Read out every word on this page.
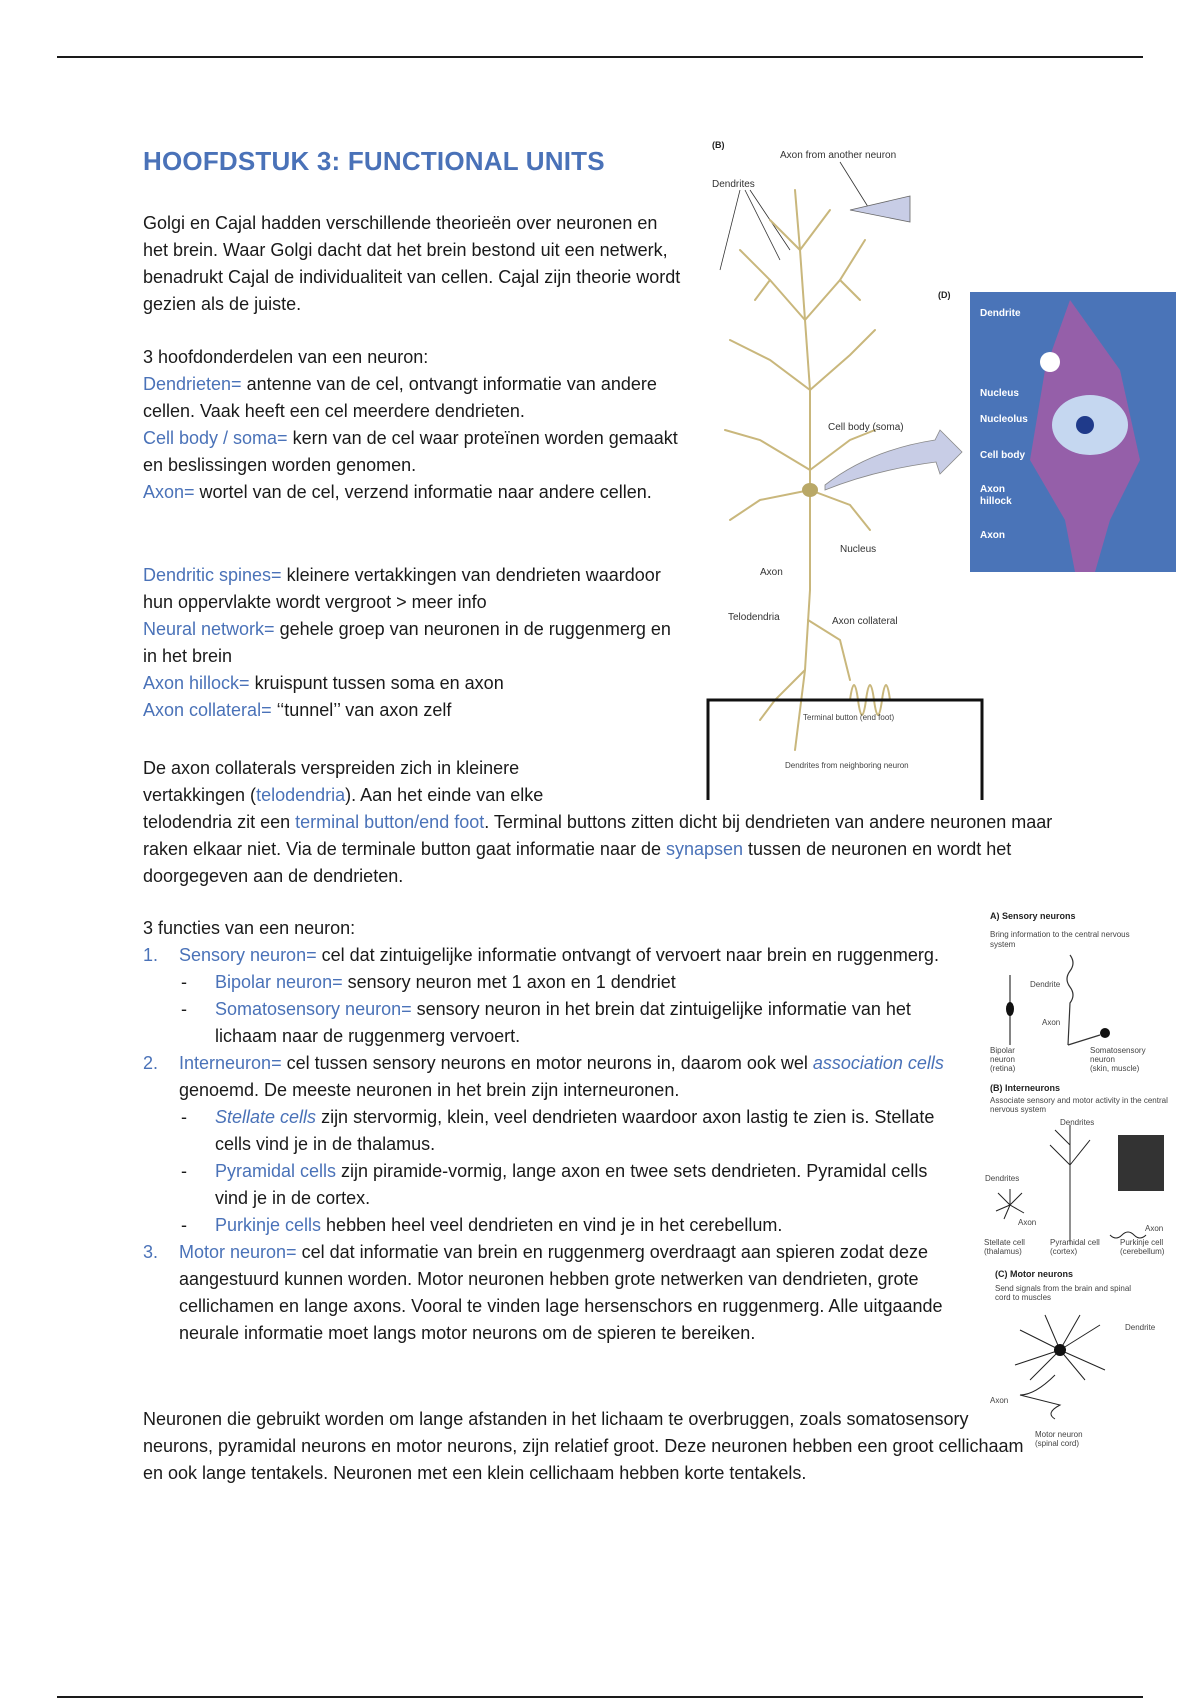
HOOFDSTUK 3: FUNCTIONAL UNITS

Golgi en Cajal hadden verschillende theorieën over neuronen en het brein. Waar Golgi dacht dat het brein bestond uit een netwerk, benadrukt Cajal de individualiteit van cellen. Cajal zijn theorie wordt gezien als de juiste.

3 hoofdonderdelen van een neuron:
Dendrieten= antenne van de cel, ontvangt informatie van andere cellen. Vaak heeft een cel meerdere dendrieten.
Cell body / soma= kern van de cel waar proteïnen worden gemaakt en beslissingen worden genomen.
Axon= wortel van de cel, verzend informatie naar andere cellen.
Dendritic spines= kleinere vertakkingen van dendrieten waardoor hun oppervlakte wordt vergroot > meer info
Neural network= gehele groep van neuronen in de ruggenmerg en in het brein
Axon hillock= kruispunt tussen soma en axon
Axon collateral= ‘‘tunnel’’ van axon zelf
De axon collaterals verspreiden zich in kleinere vertakkingen (telodendria). Aan het einde van elke
telodendria zit een terminal button/end foot. Terminal buttons zitten dicht bij dendrieten van andere neuronen maar raken elkaar niet. Via de terminale button gaat informatie naar de synapsen tussen de neuronen en wordt het doorgegeven aan de dendrieten.
3 functies van een neuron:
1. Sensory neuron= cel dat zintuigelijke informatie ontvangt of vervoert naar brein en ruggenmerg.
- Bipolar neuron= sensory neuron met 1 axon en 1 dendriet
- Somatosensory neuron= sensory neuron in het brein dat zintuigelijke informatie van het lichaam naar de ruggenmerg vervoert.
2. Interneuron= cel tussen sensory neurons en motor neurons in, daarom ook wel association cells genoemd. De meeste neuronen in het brein zijn interneuronen.
- Stellate cells zijn stervormig, klein, veel dendrieten waardoor axon lastig te zien is. Stellate cells vind je in de thalamus.
- Pyramidal cells zijn piramide-vormig, lange axon en twee sets dendrieten. Pyramidal cells vind je in de cortex.
- Purkinje cells hebben heel veel dendrieten en vind je in het cerebellum.
3. Motor neuron= cel dat informatie van brein en ruggenmerg overdraagt aan spieren zodat deze aangestuurd kunnen worden. Motor neuronen hebben grote netwerken van dendrieten, grote cellichamen en lange axons. Vooral te vinden lage hersenschors en ruggenmerg. Alle uitgaande neurale informatie moet langs motor neurons om de spieren te bereiken.

Neuronen die gebruikt worden om lange afstanden in het lichaam te overbruggen, zoals somatosensory neurons, pyramidal neurons en motor neurons, zijn relatief groot. Deze neuronen hebben een groot cellichaam en ook lange tentakels. Neuronen met een klein cellichaam hebben korte tentakels.

(B)
Axon from another neuron
Dendrites
Cell body (soma)
Nucleus
Axon
Telodendria	Axon collateral
Terminal button (end foot)
Dendrites from neighboring neuron
(D)
Dendrite
Nucleus
Nucleolus
Cell body
Axon
hillock
Axon
A) Sensory neurons
Bring information to the central nervous
system
Dendrite
Axon
Bipolar
neuron
(retina)
Somatosensory
neuron
(skin, muscle)
(B) Interneurons
Associate sensory and motor activity in the central
nervous system
Dendrites
Dendrites
Axon
Axon
Stellate cell
(thalamus)
Pyramidal cell
(cortex)
Purkinje cell
(cerebellum)
(C) Motor neurons
Send signals from the brain and spinal
cord to muscles
Dendrite
Axon
Motor neuron
(spinal cord)
